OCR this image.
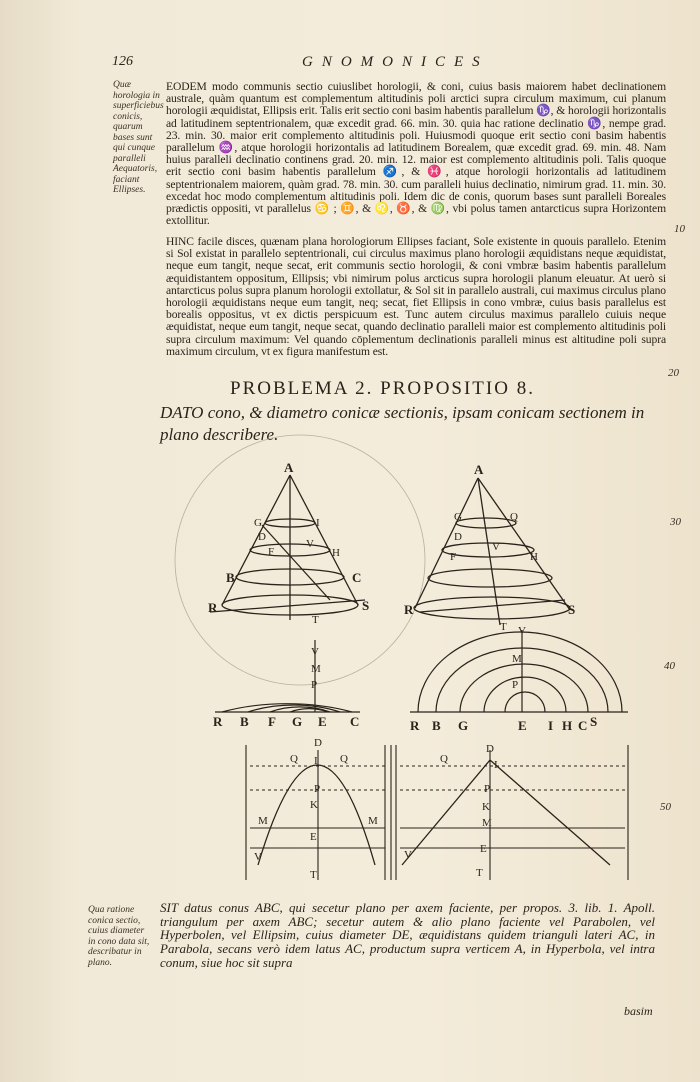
126	GNOMONICES
Quæ horologia in superficiebus conicis, quarum bases sunt qui cunque paralleli Aequatoris, faciant Ellipses.
Qua ratione conica sectio, cuius diameter in cono data sit, describatur in plano.
10
20
30
40
50
EODEM modo communis sectio cuiuslibet horologii, & coni, cuius basis maiorem habet declinationem australe, quàm quantum est complementum altitudinis poli arctici supra circulum maximum, cui planum horologii æquidistat, Ellipsis erit. Talis erit sectio coni basim habentis parallelum ♑, & horologii horizontalis ad latitudinem septentrionalem, quæ excedit grad. 66. min. 30. quia hac ratione declinatio ♑, nempe grad. 23. min. 30. maior erit complemento altitudinis poli. Huiusmodi quoque erit sectio coni basim habentis parallelum ♒, atque horologii horizontalis ad latitudinem Borealem, quæ excedit grad. 69. min. 48. Nam huius paralleli declinatio continens grad. 20. min. 12. maior est complemento altitudinis poli. Talis quoque erit sectio coni basim habentis parallelum ♐, & ♓, atque horologii horizontalis ad latitudinem septentrionalem maiorem, quàm grad. 78. min. 30. cum paralleli huius declinatio, nimirum grad. 11. min. 30. excedat hoc modo complementum altitudinis poli. Idem dic de conis, quorum bases sunt paralleli Boreales prædictis oppositi, vt parallelus ♋ ; ♊, & ♌, ♉, & ♍, vbi polus tamen antarcticus supra Horizontem extollitur.
HINC facile disces, quænam plana horologiorum Ellipses faciant, Sole existente in quouis parallelo. Etenim si Sol existat in parallelo septentrionali, cui circulus maximus plano horologii æquidistans neque æquidistat, neque eum tangit, neque secat, erit communis sectio horologii, & coni vmbræ basim habentis parallelum æquidistantem oppositum, Ellipsis; vbi nimirum polus arcticus supra horologii planum eleuatur. At uerò si antarcticus polus supra planum horologii extollatur, & Sol sit in parallelo australi, cui maximus circulus plano horologii æquidistans neque eum tangit, neq; secat, fiet Ellipsis in cono vmbræ, cuius basis parallelus est borealis oppositus, vt ex dictis perspicuum est. Tunc autem circulus maximus parallelo cuiuis neque æquidistat, neque eum tangit, neque secat, quando declinatio paralleli maior est complemento altitudinis poli supra circulum maximum: Vel quando cōplementum declinationis paralleli minus est altitudine poli supra maximum circulum, vt ex figura manifestum est.
PROBLEMA 2. PROPOSITIO 8.
DATO cono, & diametro conicæ sectionis, ipsam conicam sectionem in plano describere.
A
G	I
D
F
V
H
B	C
R	S
T
A
G
D
Q
H
F
V
R	S
T
V
M
P
R B F G E C
V
M
P
R B G	E I H C S
D
Q I Q
P
K
M	M
E
V
T
D
Q	I
P
K
M
E
V
T
SIT datus conus ABC, qui secetur plano per axem faciente, per propos. 3. lib. 1. Apoll. triangulum per axem ABC; secetur autem & alio plano faciente vel Parabolen, vel Hyperbolen, vel Ellipsim, cuius diameter DE, æquidistans quidem trianguli lateri AC, in Parabola, secans verò idem latus AC, productum supra verticem A, in Hyperbola, vel intra conum, siue hoc sit supra
basim
